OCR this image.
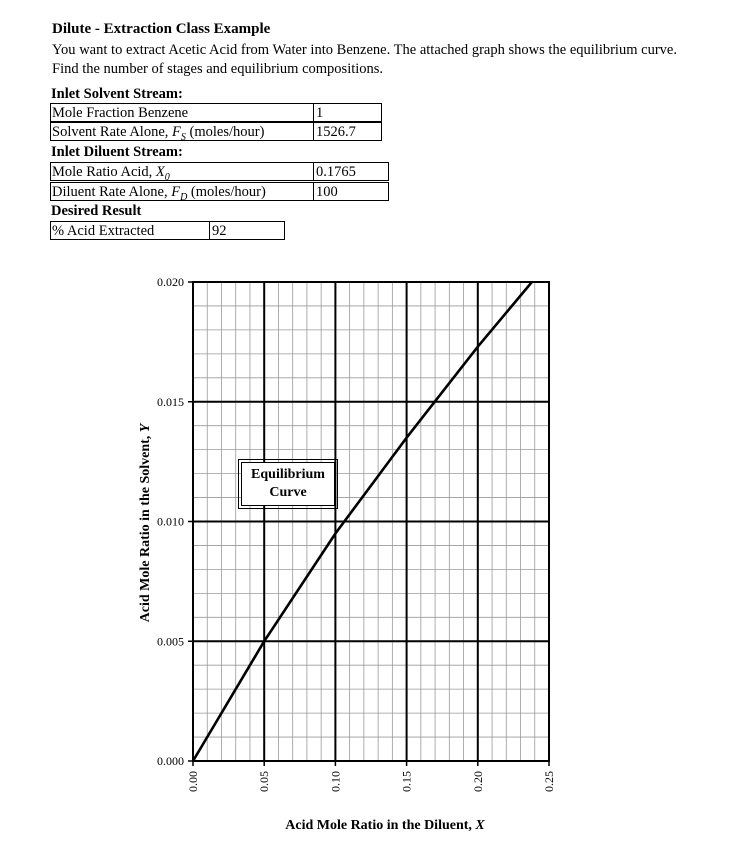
Dilute - Extraction Class Example
You want to extract Acetic Acid from Water into Benzene. The attached graph shows the equilibrium curve. Find the number of stages and equilibrium compositions.
Inlet Solvent Stream:
Mole Fraction Benzene	1
Solvent Rate Alone, $F_S$ (moles/hour)	1526.7
Inlet Diluent Stream:
Mole Ratio Acid, $X_0$	0.1765
Diluent Rate Alone, $F_D$ (moles/hour)	100
Desired Result
% Acid Extracted	92
0.000
0.005
0.010
0.015
0.020
0.00	0.05	0.10	0.15	0.20	0.25
Acid Mole Ratio in the Solvent, Y
Acid Mole Ratio in the Diluent, X
Equilibrium
Curve
